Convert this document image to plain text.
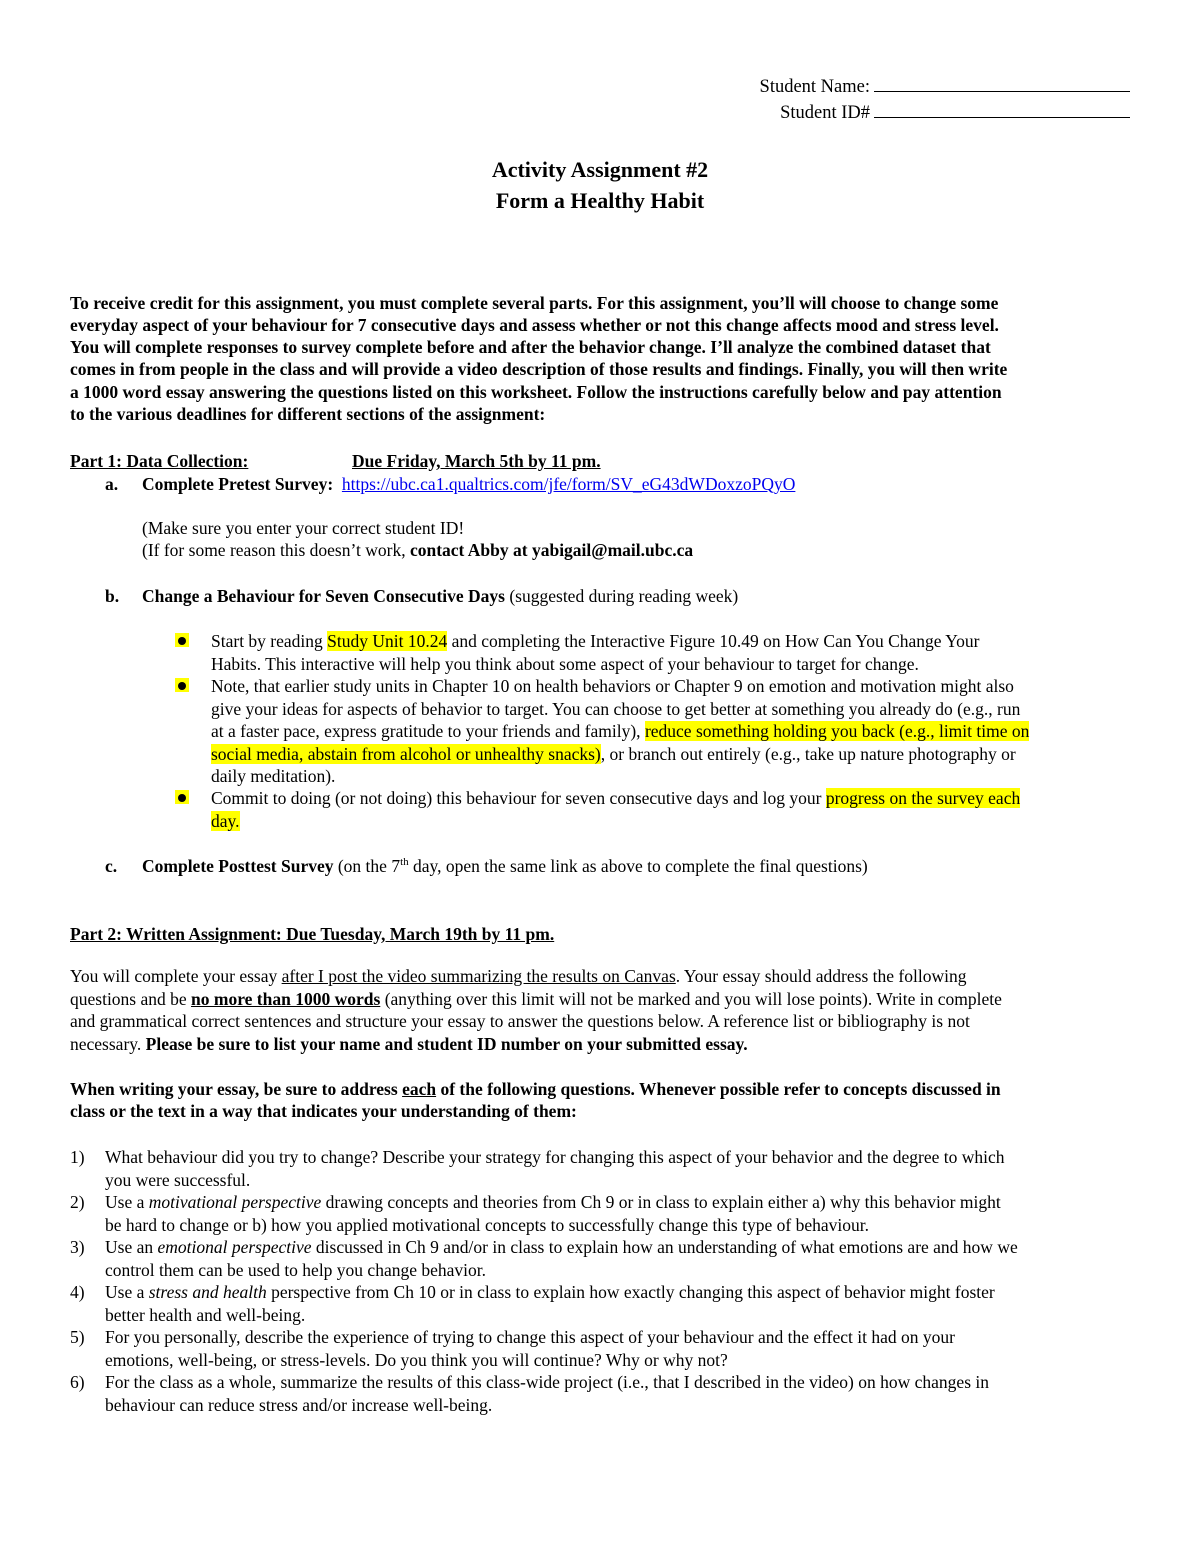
Student Name:
Student ID#
Activity Assignment #2
Form a Healthy Habit
To receive credit for this assignment, you must complete several parts. For this assignment, you’ll will choose to change some
everyday aspect of your behaviour for 7 consecutive days and assess whether or not this change affects mood and stress level.
You will complete responses to survey complete before and after the behavior change. I’ll analyze the combined dataset that
comes in from people in the class and will provide a video description of those results and findings. Finally, you will then write
a 1000 word essay answering the questions listed on this worksheet. Follow the instructions carefully below and pay attention
to the various deadlines for different sections of the assignment:
Part 1: Data Collection:	Due Friday, March 5th by 11 pm.
a. Complete Pretest Survey: https://ubc.ca1.qualtrics.com/jfe/form/SV_eG43dWDoxzoPQyO
(Make sure you enter your correct student ID!
(If for some reason this doesn’t work, contact Abby at yabigail@mail.ubc.ca
b. Change a Behaviour for Seven Consecutive Days (suggested during reading week)
Start by reading Study Unit 10.24 and completing the Interactive Figure 10.49 on How Can You Change Your
Habits. This interactive will help you think about some aspect of your behaviour to target for change.
Note, that earlier study units in Chapter 10 on health behaviors or Chapter 9 on emotion and motivation might also
give your ideas for aspects of behavior to target. You can choose to get better at something you already do (e.g., run
at a faster pace, express gratitude to your friends and family), reduce something holding you back (e.g., limit time on
social media, abstain from alcohol or unhealthy snacks), or branch out entirely (e.g., take up nature photography or
daily meditation).
Commit to doing (or not doing) this behaviour for seven consecutive days and log your progress on the survey each
day.
c. Complete Posttest Survey (on the 7th day, open the same link as above to complete the final questions)
Part 2: Written Assignment: Due Tuesday, March 19th by 11 pm.
You will complete your essay after I post the video summarizing the results on Canvas. Your essay should address the following
questions and be no more than 1000 words (anything over this limit will not be marked and you will lose points). Write in complete
and grammatical correct sentences and structure your essay to answer the questions below. A reference list or bibliography is not
necessary. Please be sure to list your name and student ID number on your submitted essay.
When writing your essay, be sure to address each of the following questions. Whenever possible refer to concepts discussed in
class or the text in a way that indicates your understanding of them:
1) What behaviour did you try to change? Describe your strategy for changing this aspect of your behavior and the degree to which
you were successful.
2) Use a motivational perspective drawing concepts and theories from Ch 9 or in class to explain either a) why this behavior might
be hard to change or b) how you applied motivational concepts to successfully change this type of behaviour.
3) Use an emotional perspective discussed in Ch 9 and/or in class to explain how an understanding of what emotions are and how we
control them can be used to help you change behavior.
4) Use a stress and health perspective from Ch 10 or in class to explain how exactly changing this aspect of behavior might foster
better health and well-being.
5) For you personally, describe the experience of trying to change this aspect of your behaviour and the effect it had on your
emotions, well-being, or stress-levels. Do you think you will continue? Why or why not?
6) For the class as a whole, summarize the results of this class-wide project (i.e., that I described in the video) on how changes in
behaviour can reduce stress and/or increase well-being.
